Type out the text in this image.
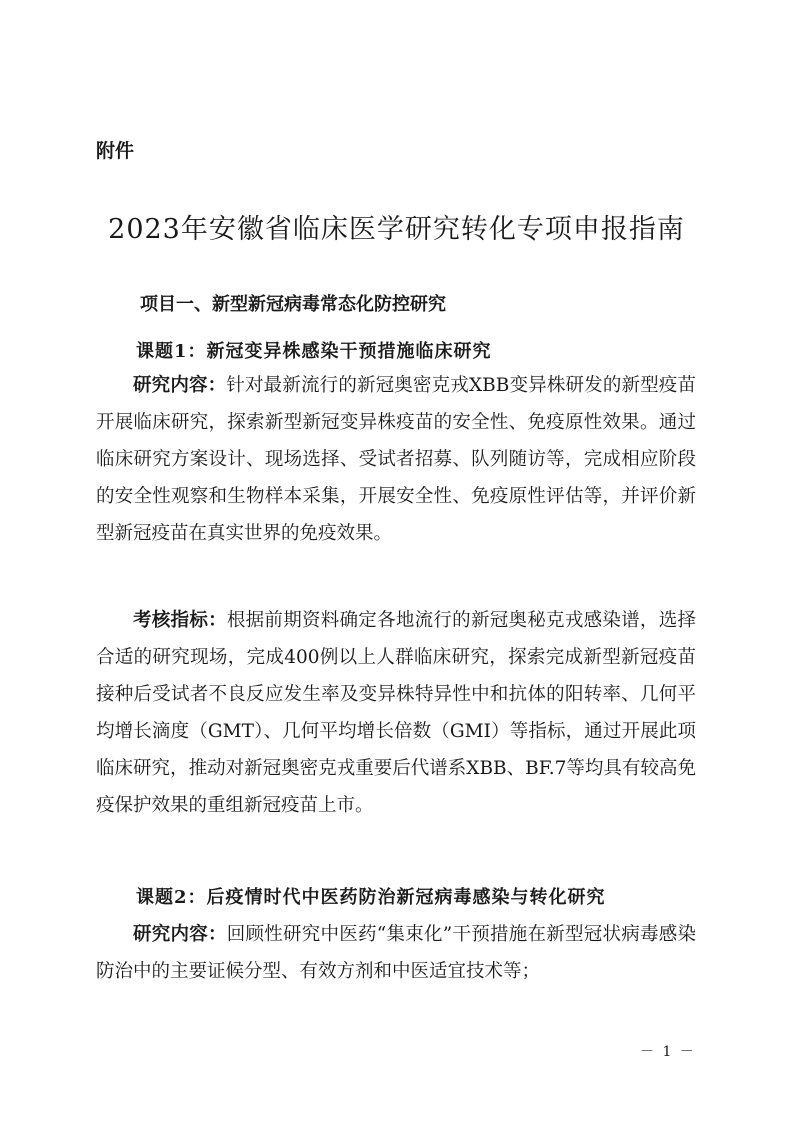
附件
2023年安徽省临床医学研究转化专项申报指南
项目一、新型新冠病毒常态化防控研究
课题1：新冠变异株感染干预措施临床研究

研究内容：针对最新流行的新冠奥密克戎XBB变异株研发的新型疫苗开展临床研究，探索新型新冠变异株疫苗的安全性、免疫原性效果。通过临床研究方案设计、现场选择、受试者招募、队列随访等，完成相应阶段的安全性观察和生物样本采集，开展安全性、免疫原性评估等，并评价新型新冠疫苗在真实世界的免疫效果。

考核指标：根据前期资料确定各地流行的新冠奥秘克戎感染谱，选择合适的研究现场，完成400例以上人群临床研究，探索完成新型新冠疫苗接种后受试者不良反应发生率及变异株特异性中和抗体的阳转率、几何平均增长滴度（GMT）、几何平均增长倍数（GMI）等指标，通过开展此项临床研究，推动对新冠奥密克戎重要后代谱系XBB、BF.7等均具有较高免疫保护效果的重组新冠疫苗上市。

课题2：后疫情时代中医药防治新冠病毒感染与转化研究

研究内容：回顾性研究中医药“集束化”干预措施在新型冠状病毒感染防治中的主要证候分型、有效方剂和中医适宜技术等；

－ 1 －
